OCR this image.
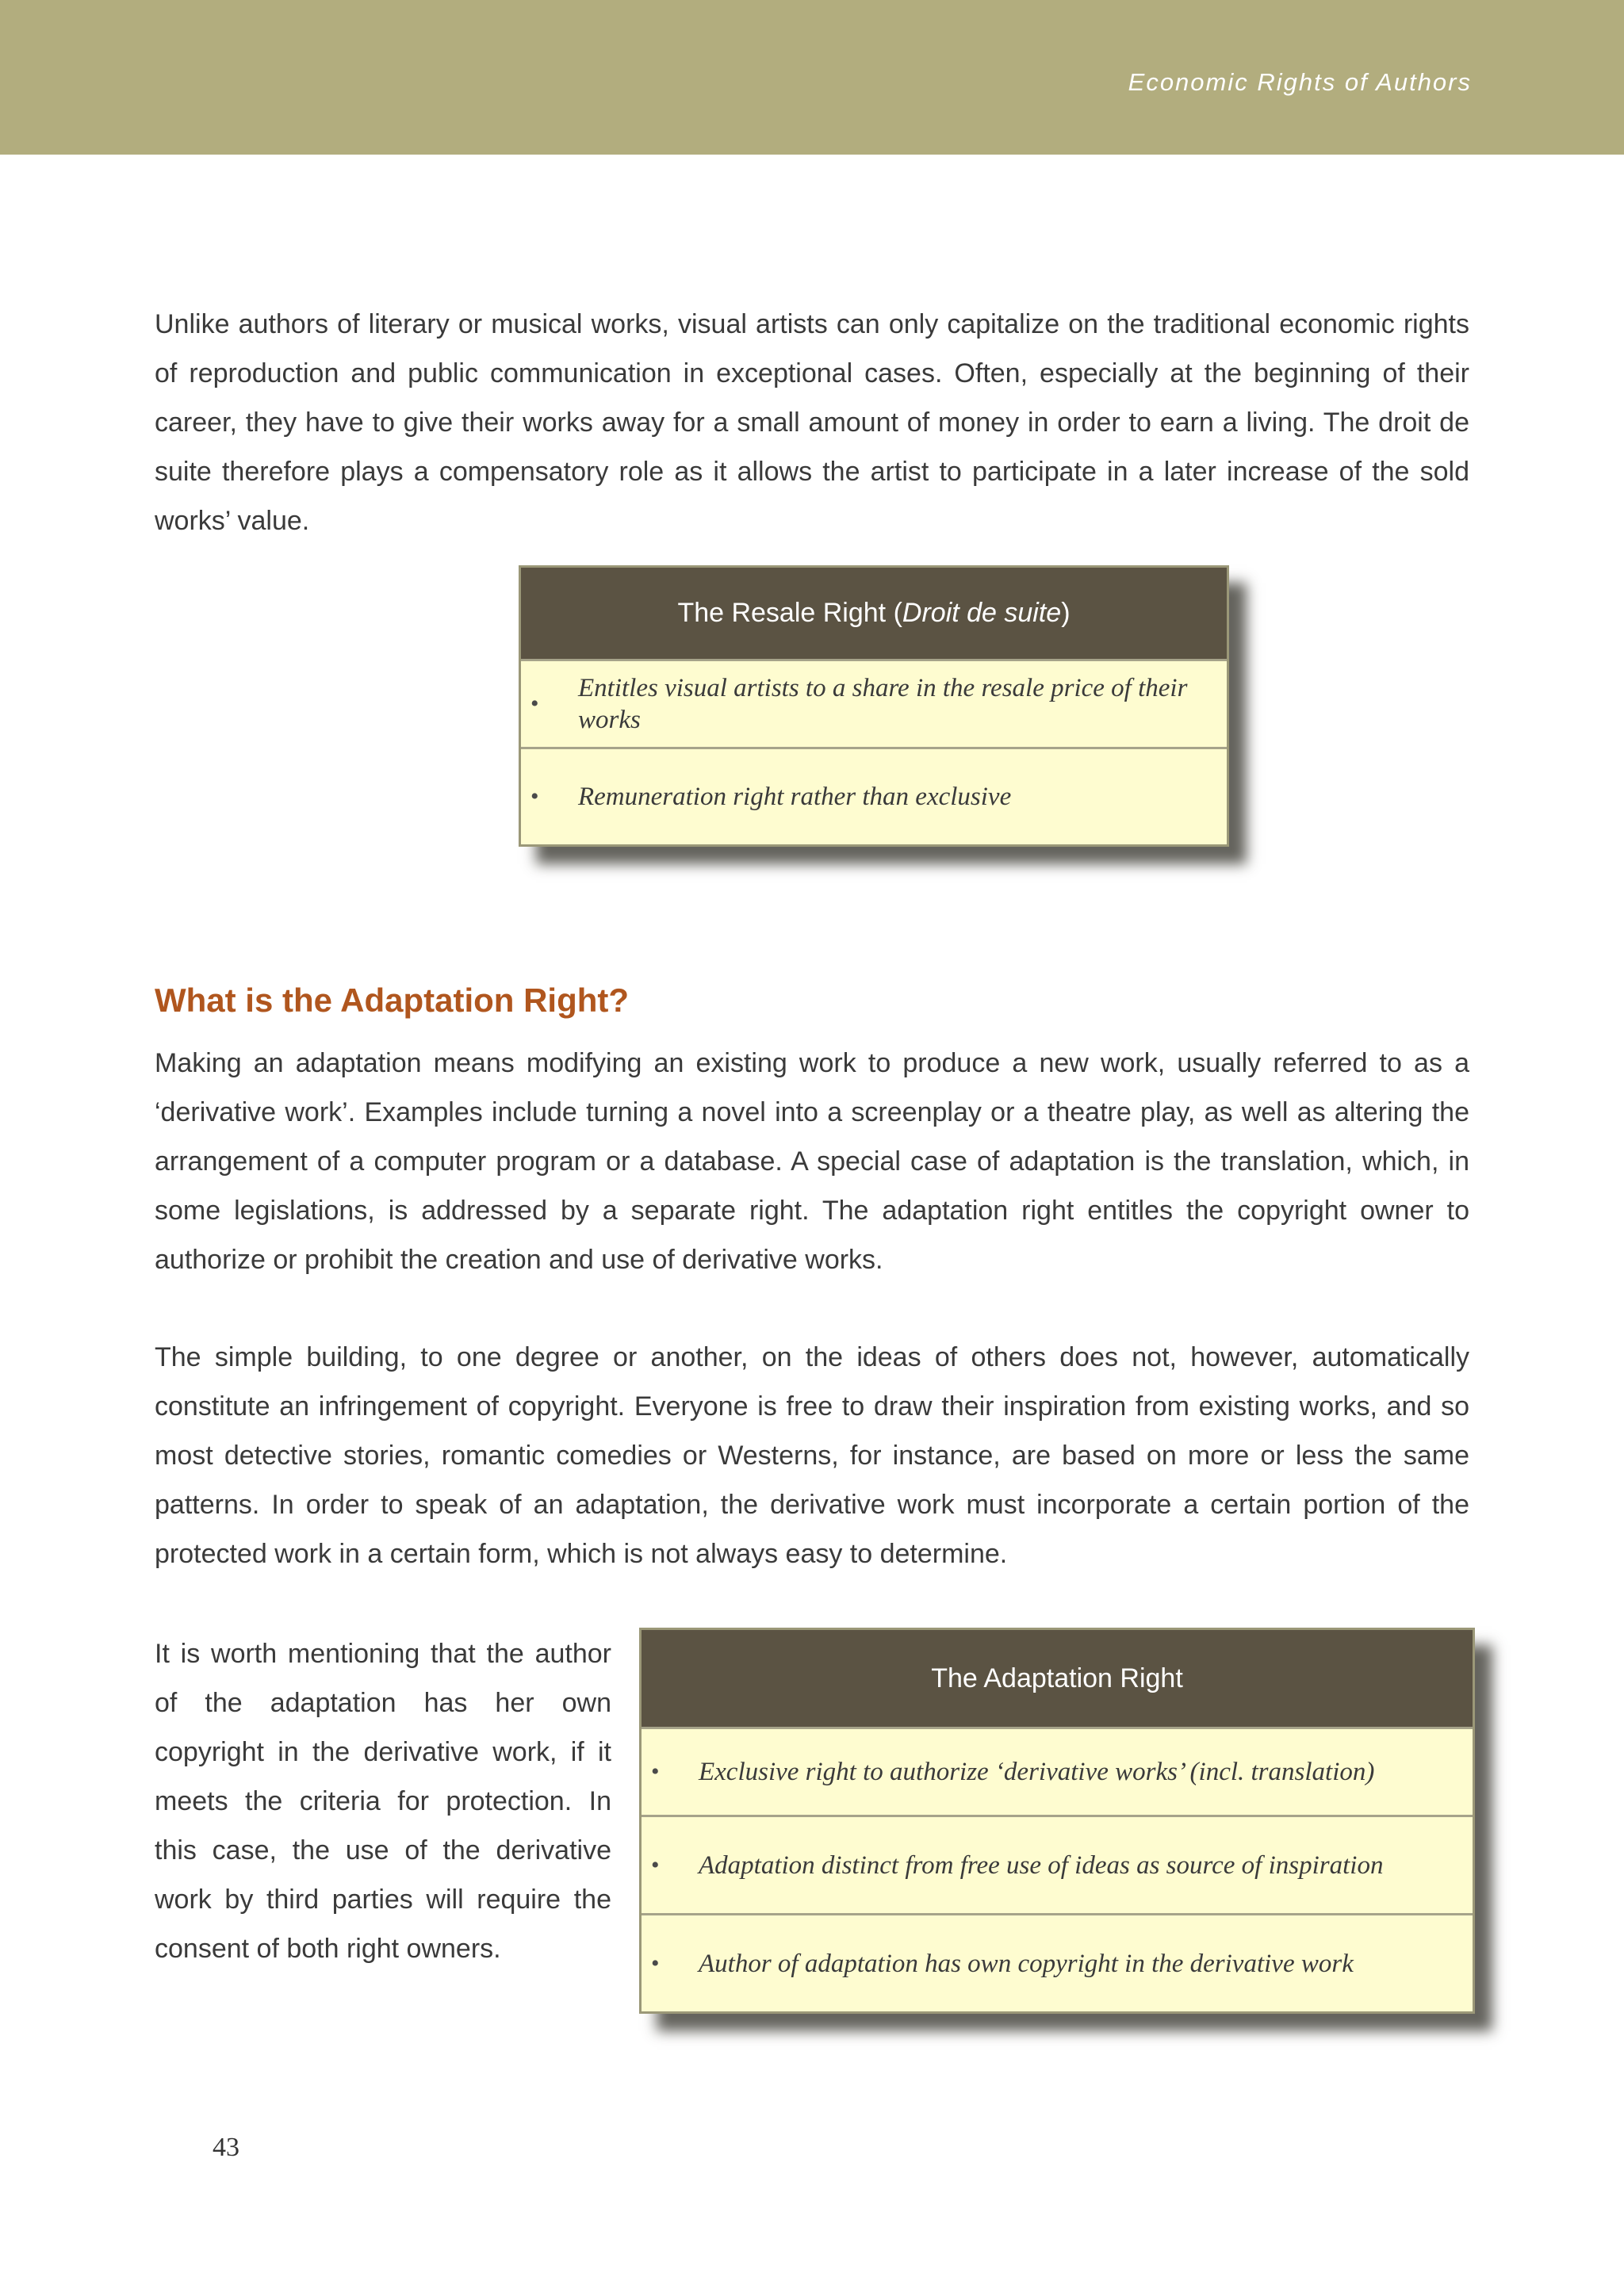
Economic Rights of Authors

Unlike authors of literary or musical works, visual artists can only capitalize on the traditional economic rights of reproduction and public communication in exceptional cases. Often, especially at the beginning of their career, they have to give their works away for a small amount of money in order to earn a living. The droit de suite therefore plays a compensatory role as it allows the artist to participate in a later increase of the sold works’ value.

The Resale Right (Droit de suite)
•
Entitles visual artists to a share in the resale price of their works
•	Remuneration right rather than exclusive
What is the Adaptation Right?

Making an adaptation means modifying an existing work to produce a new work, usually referred to as a ‘derivative work’. Examples include turning a novel into a screenplay or a theatre play, as well as altering the arrangement of a computer program or a database. A special case of adaptation is the translation, which, in some legislations, is addressed by a separate right. The adaptation right entitles the copyright owner to authorize or prohibit the creation and use of derivative works.

The simple building, to one degree or another, on the ideas of others does not, however, automatically constitute an infringement of copyright. Everyone is free to draw their inspiration from existing works, and so most detective stories, romantic comedies or Westerns, for instance, are based on more or less the same patterns. In order to speak of an adaptation, the derivative work must incorporate a certain portion of the protected work in a certain form, which is not always easy to determine.

It is worth mentioning that the author of the adaptation has her own copyright in the derivative work, if it meets the criteria for protection. In this case, the use of the derivative work by third parties will require the consent of both right owners.

The Adaptation Right
•	Exclusive right to authorize ‘derivative works’ (incl. translation)
•	Adaptation distinct from free use of ideas as source of inspiration
•	Author of adaptation has own copyright in the derivative work
43
